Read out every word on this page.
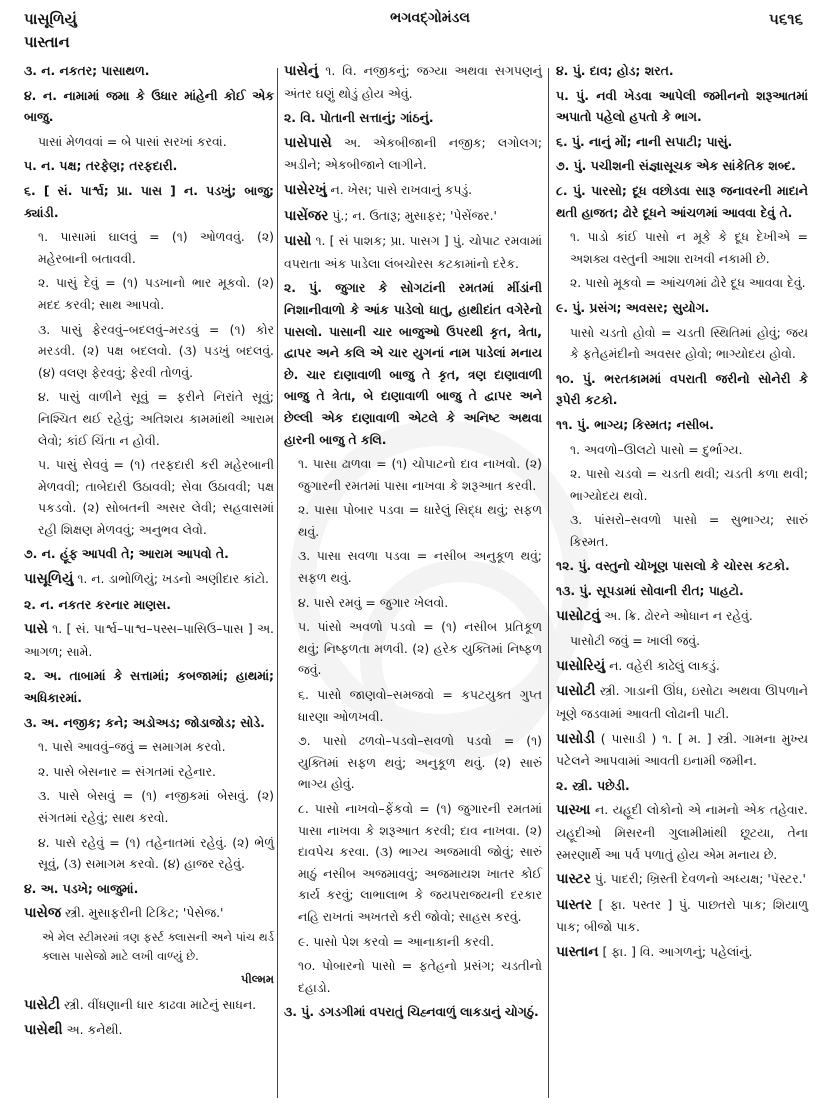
પાસૂળિયું
પાસ્તાન
ભગવદ્ગોમંડલ	૫૬૧૬
૩. ન. નકતર; પાસાથળ.
૪. ન. નામામાં જમા કે ઉધાર માંહેની કોઈ એક બાજુ.
પાસાં મેળવવાં = બે પાસાં સરખાં કરવાં.
૫. ન. પક્ષ; તરફેણ; તરફદારી.
૬. [ સં. પાર્શ્વ; પ્રા. પાસ ] ન. પડખું; બાજુ; ક્યાંડી.
૧. પાસામાં ઘાલવું = (૧) ઓળવવું. (૨) મહેરબાની બતાવવી.
૨. પાસું દેવું = (૧) પડખાનો ભાર મૂકવો. (૨) મદદ કરવી; સાથ આપવો.
૩. પાસું ફેરવવું–બદલવું–મરડવું = (૧) કોર મરડવી. (૨) પક્ષ બદલવો. (૩) પડખું બદલવું. (૪) વલણ ફેરવવું; ફેરવી તોળવું.
૪. પાસું વાળીને સૂવું = ફરીને નિરાંતે સૂવું; નિશ્ચિત થઈ રહેવું; અતિશય કામમાંથી આરામ લેવો; કાંઈ ચિંતા ન હોવી.
૫. પાસું સેવવું = (૧) તરફદારી કરી મહેરબાની મેળવવી; તાબેદારી ઉઠાવવી; સેવા ઉઠાવવી; પક્ષ પકડવો. (૨) સોબતની અસર લેવી; સહવાસમાં રહી શિક્ષણ મેળવવું; અનુભવ લેવો.
૭. ન. હૂંફ આપવી તે; આરામ આપવો તે.
પાસૂળિયું ૧. ન. ડાભોળિયું; ખડનો અણીદાર કાંટો.
૨. ન. નકતર કરનાર માણસ.
પાસે ૧. [ સં. પાર્શ્વ–પાશ્વ–પસ્સ–પાસિઉ–પાસ ] અ. આગળ; સામે.
૨. અ. તાબામાં કે સત્તામાં; કબજામાં; હાથમાં; અધિકારમાં.
૩. અ. નજીક; કને; અડોઅડ; જોડાજોડ; સોડે.
૧. પાસે આવવું–જવું = સમાગમ કરવો.
૨. પાસે બેસનાર = સંગતમાં રહેનાર.
૩. પાસે બેસવું = (૧) નજીકમાં બેસવું. (૨) સંગતમાં રહેવું; સાથ કરવો.
૪. પાસે રહેવું = (૧) તહેનાતમાં રહેવું. (૨) ભેળું સૂવું, (૩) સમાગમ કરવો. (૪) હાજર રહેવું.
૪. અ. પડખે; બાજુમાં.
પાસેજ સ્ત્રી. મુસાફરીની ટિકિટ; 'પેસેજ.'
એ મેલ સ્ટીમરમાં ત્રણ ફર્સ્ટ ક્લાસની અને પાંચ થર્ડ ક્લાસ પાસેજો માટે લખી વાળ્યું છે.
પીલ્મમ
પાસેટી સ્ત્રી. વીંધણાની ધાર કાઢવા માટેનું સાધન.
પાસેથી અ. કનેથી.
પાસેનું ૧. વિ. નજીકનું; જગ્યા અથવા સગપણનું અંતર ઘણું થોડું હોય એવું.
૨. વિ. પોતાની સત્તાનું; ગાંઠનું.
પાસેપાસે અ. એકબીજાની નજીક; લગોલગ; અડીને; એકબીજાને લાગીને.
પાસેરખું ન. ખેસ; પાસે રાખવાનું કપડું.
પાસેંજર પું.; ન. ઉતારૂ; મુસાફર; 'પેસેંજર.'
પાસો ૧. [ સં પાશક; પ્રા. પાસગ ] પું. ચોપાટ રમવામાં વપરાતા અંક પાડેલા લંબચોરસ કટકામાંનો દરેક.
૨. પું. જુગાર કે સોગટાંની રમતમાં મીંડાંની નિશાનીવાળો કે આંક પાડેલો ધાતુ, હાથીદાંત વગેરેનો પાસલો. પાસાની ચાર બાજુઓ ઉપરથી કૃત, ત્રેતા, દ્વાપર અને કલિ એ ચાર યુગનાં નામ પાડેલાં મનાય છે. ચાર દાણાવાળી બાજુ તે કૃત, ત્રણ દાણાવાળી બાજુ તે ત્રેતા, બે દાણાવાળી બાજુ તે દ્વાપર અને છેલ્લી એક દાણાવાળી એટલે કે અનિષ્ટ અથવા હારની બાજુ તે કલિ.
૧. પાસા ઢાળવા = (૧) ચોપાટનો દાવ નાખવો. (૨) જુગારની રમતમાં પાસા નાખવા કે શરૂઆત કરવી.
૨. પાસા પોબાર પડવા = ધારેલું સિદ્ધ થવું; સફળ થવું.
૩. પાસા સવળા પડવા = નસીબ અનુકૂળ થવું; સફળ થવું.
૪. પાસે રમવું = જુગાર ખેલવો.
૫. પાંસો અવળો પડવો = (૧) નસીબ પ્રતિકૂળ થવું; નિષ્ફળતા મળવી. (૨) હરેક યુક્તિમાં નિષ્ફળ જવું.
૬. પાસો જાણવો–સમજવો = કપટયુક્ત ગુપ્ત ધારણા ઓળખવી.
૭. પાસો ઢળવો–પડવો–સવળો પડવો = (૧) યુક્તિમાં સફળ થવું; અનુકૂળ થવું. (૨) સારું ભાગ્ય હોવું.
૮. પાસો નાખવો–ફેંકવો = (૧) જુગારની રમતમાં પાસા નાખવા કે શરૂઆત કરવી; દાવ નાખવા. (૨) દાવપેચ કરવા. (૩) ભાગ્ય અજમાવી જોવું; સારું માઠું નસીબ અજમાવવું; અજમાયશ ખાતર કોઈ કાર્ય કરવું; લાભાલાભ કે જયપરાજયની દરકાર નહિ રાખતાં અખતરો કરી જોવો; સાહસ કરવું.
૯. પાસો પેશ કરવો = આનાકાની કરવી.
૧૦. પોબારનો પાસો = ફતેહનો પ્રસંગ; ચડતીનો દહાડો.
૩. પું. ડગડગીમાં વપરાતું ચિહ્નવાળું લાકડાનું ચોગઠું.
૪. પું. દાવ; હોડ; શરત.
૫. પું. નવી ખેડવા આપેલી જમીનનો શરૂઆતમાં અપાતો પહેલો હપતો કે ભાગ.
૬. પું. નાનું મોં; નાની સપાટી; પાસું.
૭. પું. પચીશની સંજ્ઞાસૂચક એક સાંકેતિક શબ્દ.
૮. પું. પારસો; દૂધ વછોડવા સારૂ જનાવરની માદાને થતી હાજત; ઢોરે દૂધને આંચળમાં આવવા દેવું તે.
૧. પાડો કાંઈ પાસો ન મૂકે કે દૂધ દેખીએ = અશક્ય વસ્તુની આશા રાખવી નકામી છે.
૨. પાસો મૂકવો = આંચળમાં ઢોરે દૂધ આવવા દેવું.
૯. પું. પ્રસંગ; અવસર; સુયોગ.
પાસો ચડતો હોવો = ચડતી સ્થિતિમાં હોવું; જય કે ફતેહમંદીનો અવસર હોવો; ભાગ્યોદય હોવો.
૧૦. પું. ભરતકામમાં વપરાતી જરીનો સોનેરી કે રૂપેરી કટકો.
૧૧. પું. ભાગ્ય; કિસ્મત; નસીબ.
૧. અવળો–ઊલટો પાસો = દુર્ભાગ્ય.
૨. પાસો ચડવો = ચડતી થવી; ચડતી કળા થવી; ભાગ્યોદય થવો.
૩. પાંસરો–સવળો પાસો = સુભાગ્ય; સારું કિસ્મત.
૧૨. પું. વસ્તુનો ચોખૂણ પાસલો કે ચોરસ કટકો.
૧૩. પું. સૂપડામાં સોવાની રીત; પાહટો.
પાસોટવું અ. ક્રિ. ઢોરને ઓધાન ન રહેવું.
પાસોટી જવું = ખાલી જવું.
પાસોરિયું ન. વહેરી કાઢેલું લાકડું.
પાસોટી સ્ત્રી. ગાડાની ઊંધ, ઇસોટા અથવા ઊપળાને ખૂણે જડવામાં આવતી લોઢાની પાટી.
પાસોડી ( પાસાડી ) ૧. [ મ. ] સ્ત્રી. ગામના મુખ્ય પટેલને આપવામાં આવતી ઇનામી જમીન.
૨. સ્ત્રી. પછેડી.
પાસ્ખા ન. યહૂદી લોકોનો એ નામનો એક તહેવાર. યહૂદીઓ મિસરની ગુલામીમાંથી છૂટયા, તેના સ્મરણાર્થે આ પર્વ પળાતું હોય એમ મનાય છે.
પાસ્ટર પું. પાદરી; ખ્રિસ્તી દેવળનો અધ્યક્ષ; 'પૅસ્ટર.'
પાસ્તર [ ફા. પસ્તર ] પું. પાછતરો પાક; શિયાળુ પાક; બીજો પાક.
પાસ્તાન [ ફા. ] વિ. આગળનું; પહેલાંનું.
